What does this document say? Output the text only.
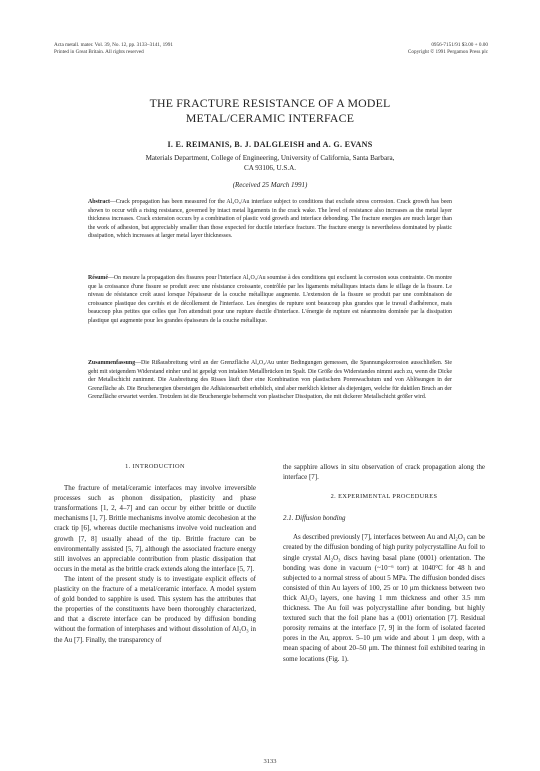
Acta metall. mater. Vol. 39, No. 12, pp. 3133–3141, 1991
Printed in Great Britain. All rights reserved
0956-7151/91 $3.00 + 0.00
Copyright © 1991 Pergamon Press plc
THE FRACTURE RESISTANCE OF A MODEL
METAL/CERAMIC INTERFACE
I. E. REIMANIS, B. J. DALGLEISH and A. G. EVANS
Materials Department, College of Engineering, University of California, Santa Barbara,
CA 93106, U.S.A.
(Received 25 March 1991)
Abstract—Crack propagation has been measured for the Al₂O₃/Au interface subject to conditions that exclude stress corrosion. Crack growth has been shown to occur with a rising resistance, governed by intact metal ligaments in the crack wake. The level of resistance also increases as the metal layer thickness increases. Crack extension occurs by a combination of plastic void growth and interface debonding. The fracture energies are much larger than the work of adhesion, but appreciably smaller than those expected for ductile interface fracture. The fracture energy is nevertheless dominated by plastic dissipation, which increases at larger metal layer thicknesses.
Résumé—On mesure la propagation des fissures pour l'interface Al₂O₃/Au soumise à des conditions qui excluent la corrosion sous contrainte. On montre que la croissance d'une fissure se produit avec une résistance croissante, contrôlée par les ligaments métalliques intacts dans le sillage de la fissure. Le niveau de résistance croît aussi lorsque l'épaisseur de la couche métallique augmente. L'extension de la fissure se produit par une combinaison de croissance plastique des cavités et de décollement de l'interface. Les énergies de rupture sont beaucoup plus grandes que le travail d'adhérence, mais beaucoup plus petites que celles que l'on attendrait pour une rupture ductile d'interface. L'énergie de rupture est néanmoins dominée par la dissipation plastique qui augmente pour les grandes épaisseurs de la couche métallique.
Zusammenfassung—Die Rißausbreitung wird an der Grenzfläche Al₂O₃/Au unter Bedingungen gemessen, die Spannungskorrosion ausschließen. Sie geht mit steigendem Widerstand einher und ist gepelgt von intakten Metallbrücken im Spalt. Die Größe des Widerstandes nimmt auch zu, wenn die Dicke der Metallschicht zunimmt. Die Ausbreitung des Risses läuft über eine Kombination von plastischem Porenwachstum und von Ablösungen in der Grenzfläche ab. Die Bruchenergien übersteigen die Adhäsionsarbeit erheblich, sind aber merklich kleiner als diejenigen, welche für duktilen Bruch an der Grenzfläche erwartet werden. Trotzdem ist die Bruchenergie beherrscht von plastischer Dissipation, die mit dickerer Metallschicht größer wird.
1. INTRODUCTION

The fracture of metal/ceramic interfaces may involve irreversible processes such as phonon dissipation, plasticity and phase transformations [1, 2, 4–7] and can occur by either brittle or ductile mechanisms [1, 7]. Brittle mechanisms involve atomic decohesion at the crack tip [6], whereas ductile mechanisms involve void nucleation and growth [7, 8] usually ahead of the tip. Brittle fracture can be environmentally assisted [5, 7], although the associated fracture energy still involves an appreciable contribution from plastic dissipation that occurs in the metal as the brittle crack extends along the interface [5, 7].

The intent of the present study is to investigate explicit effects of plasticity on the fracture of a metal/ceramic interface. A model system of gold bonded to sapphire is used. This system has the attributes that the properties of the constituents have been thoroughly characterized, and that a discrete interface can be produced by diffusion bonding without the formation of interphases and without dissolution of Al₂O₃ in the Au [7]. Finally, the transparency of

the sapphire allows in situ observation of crack propagation along the interface [7].

2. EXPERIMENTAL PROCEDURES
2.1. Diffusion bonding

As described previously [7], interfaces between Au and Al₂O₃ can be created by the diffusion bonding of high purity polycrystalline Au foil to single crystal Al₂O₃ discs having basal plane (0001) orientation. The bonding was done in vacuum (~10⁻⁶ torr) at 1040°C for 48 h and subjected to a normal stress of about 5 MPa. The diffusion bonded discs consisted of thin Au layers of 100, 25 or 10 μm thickness between two thick Al₂O₃ layers, one having 1 mm thickness and other 3.5 mm thickness. The Au foil was polycrystalline after bonding, but highly textured such that the foil plane has a (001) orientation [7]. Residual porosity remains at the interface [7, 9] in the form of isolated faceted pores in the Au, approx. 5–10 μm wide and about 1 μm deep, with a mean spacing of about 20–50 μm. The thinnest foil exhibited tearing in some locations (Fig. 1).

3133
